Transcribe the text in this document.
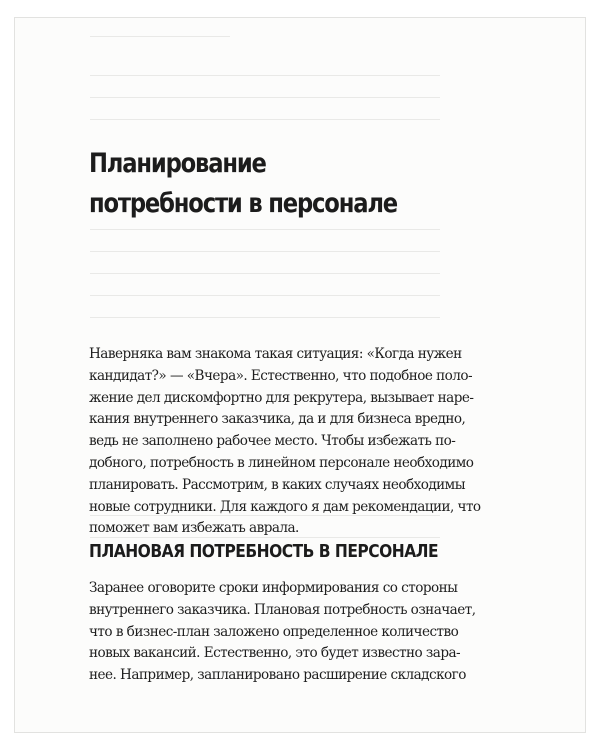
Планирование
потребности в персонале

Наверняка вам знакома такая ситуация: «Когда нужен
кандидат?» — «Вчера». Естественно, что подобное поло-
жение дел дискомфортно для рекрутера, вызывает наре-
кания внутреннего заказчика, да и для бизнеса вредно,
ведь не заполнено рабочее место. Чтобы избежать по-
добного, потребность в линейном персонале необходимо
планировать. Рассмотрим, в каких случаях необходимы
новые сотрудники. Для каждого я дам рекомендации, что
поможет вам избежать аврала.

ПЛАНОВАЯ ПОТРЕБНОСТЬ В ПЕРСОНАЛЕ

Заранее оговорите сроки информирования со стороны
внутреннего заказчика. Плановая потребность означает,
что в бизнес-план заложено определенное количество
новых вакансий. Естественно, это будет известно зара-
нее. Например, запланировано расширение складского
